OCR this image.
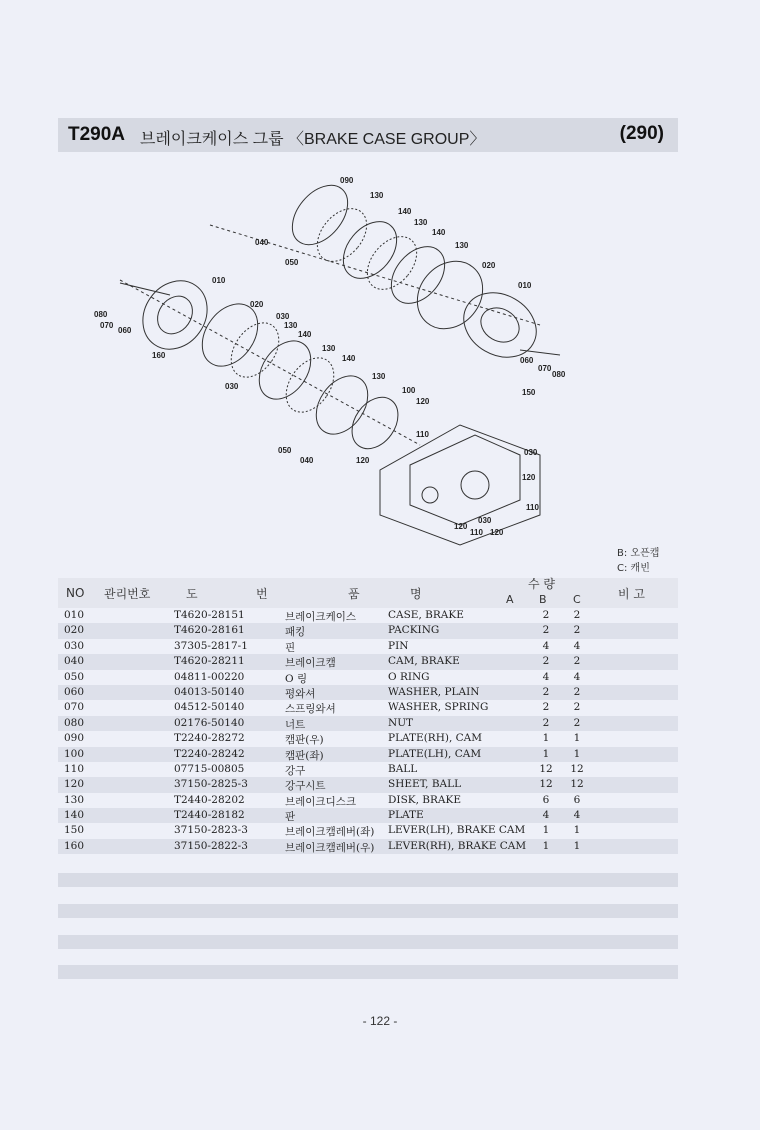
T290A 브레이크케이스 그룹 〈BRAKE CASE GROUP〉	(290)
090
130
140
130
140
130
020
010
040
050
010
080
070
060
160
020
030
130
140
130
140
130
030	100
120
060
070
080
150
110
050
040	120
030
120
110
030
120
110 120
B: 오픈캡
C: 캐빈
NO 관리번호	도	번	품	명
수 량
A B C	비 고
010	T4620-28151	브레이크케이스	CASE, BRAKE	2	2
020	T4620-28161	패킹	PACKING	2	2
030	37305-2817-1	핀	PIN	4	4
040	T4620-28211	브레이크캠	CAM, BRAKE	2	2
050	04811-00220	O 링	O RING	4	4
060	04013-50140	평와셔	WASHER, PLAIN	2	2
070	04512-50140	스프링와셔	WASHER, SPRING	2	2
080	02176-50140	너트	NUT	2	2
090	T2240-28272	캠판(우)	PLATE(RH), CAM	1	1
100	T2240-28242	캠판(좌)	PLATE(LH), CAM	1	1
110	07715-00805	강구	BALL	12 12
120	37150-2825-3	강구시트	SHEET, BALL	12 12
130	T2440-28202	브레이크디스크	DISK, BRAKE	6	6
140	T2440-28182	판	PLATE	4	4
150	37150-2823-3	브레이크캠레버(좌) LEVER(LH), BRAKE CAM	1	1
160	37150-2822-3	브레이크캠레버(우) LEVER(RH), BRAKE CAM	1	1
- 122 -
